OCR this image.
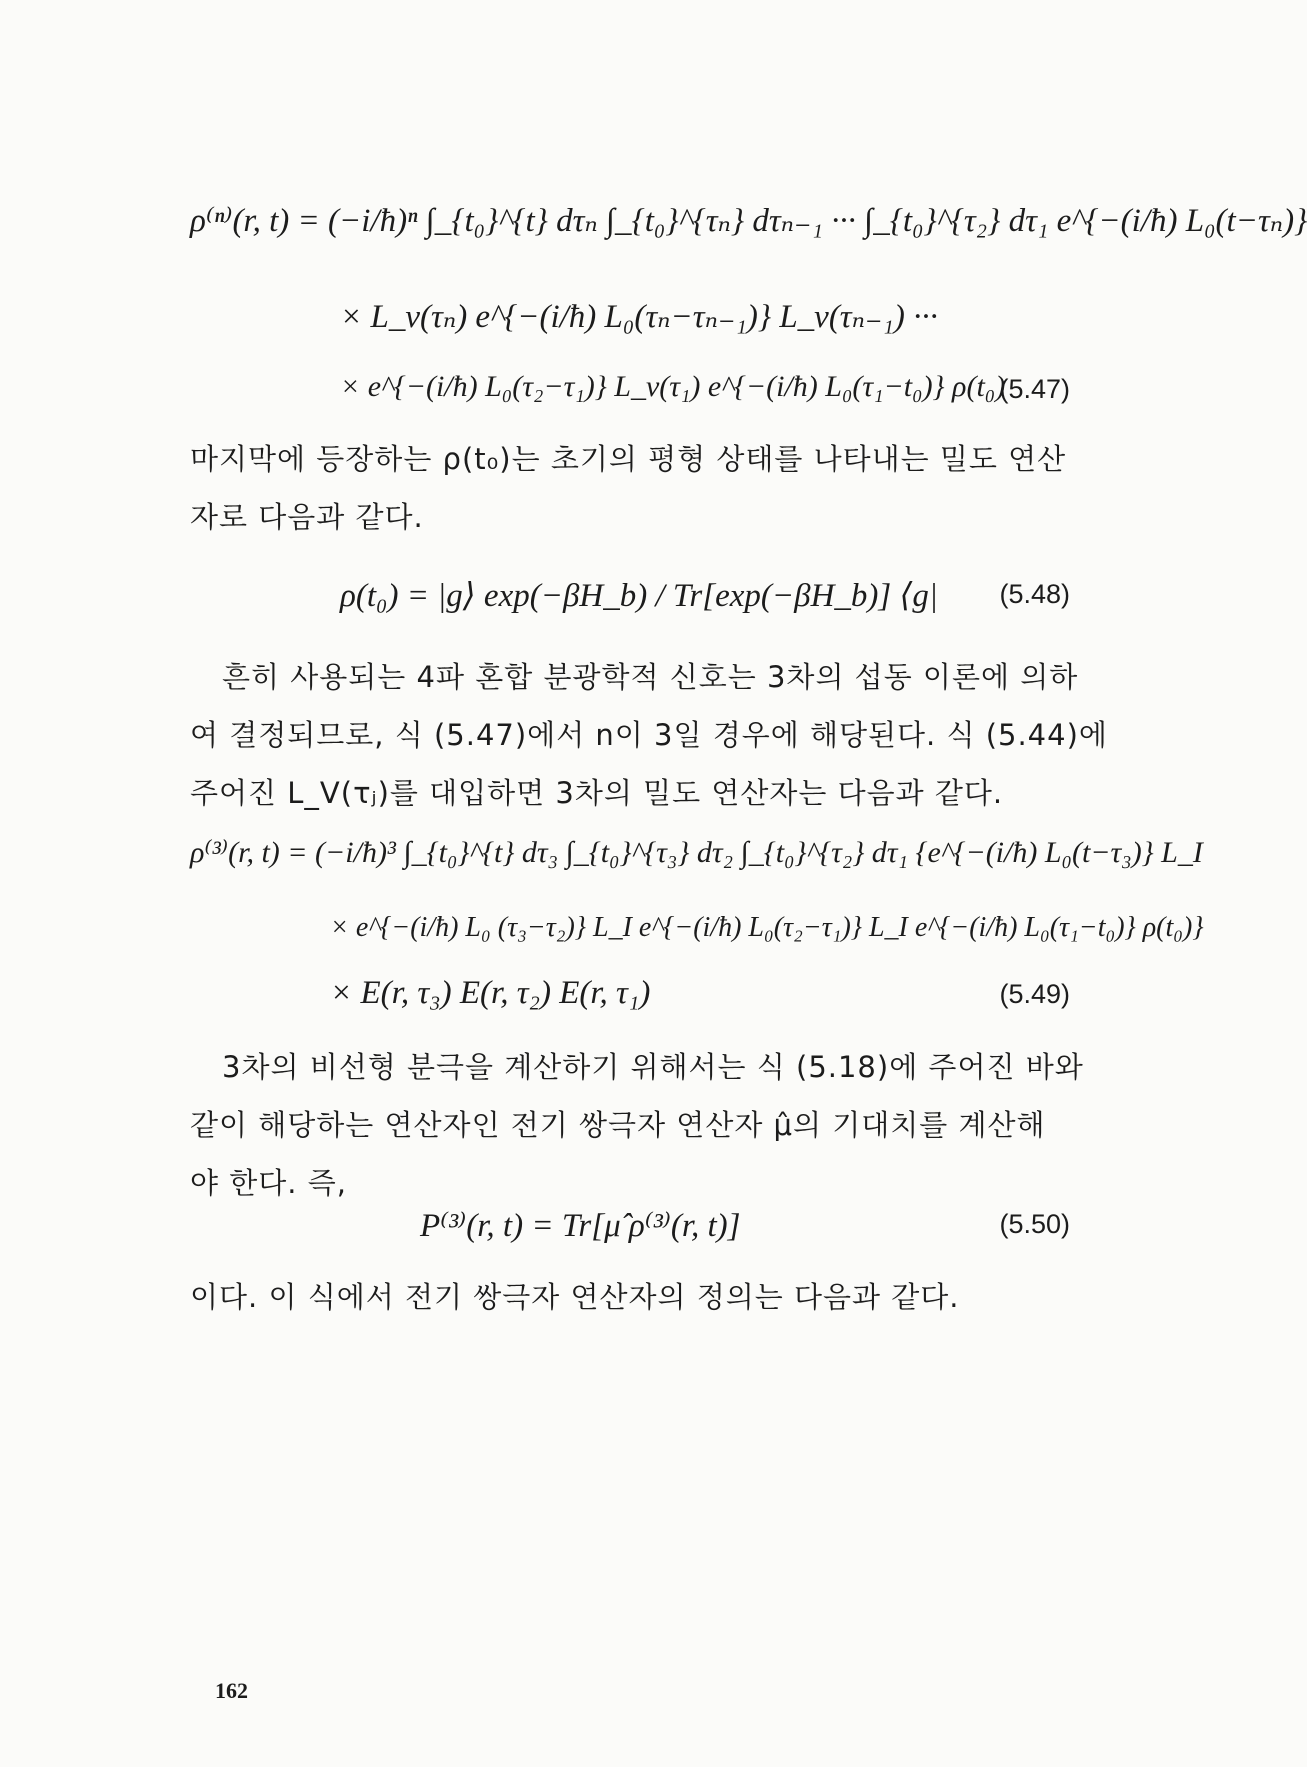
ρ⁽ⁿ⁾(r, t) = (−i/ħ)ⁿ ∫_{t₀}^{t} dτₙ ∫_{t₀}^{τₙ} dτₙ₋₁ ··· ∫_{t₀}^{τ₂} dτ₁ e^{−(i/ħ) L₀(t−τₙ)}
× L_v(τₙ) e^{−(i/ħ) L₀(τₙ−τₙ₋₁)} L_v(τₙ₋₁) ···
× e^{−(i/ħ) L₀(τ₂−τ₁)} L_v(τ₁) e^{−(i/ħ) L₀(τ₁−t₀)} ρ(t₀)
(5.47)

마지막에 등장하는 ρ(t₀)는 초기의 평형 상태를 나타내는 밀도 연산

자로 다음과 같다.

ρ(t₀) = |g⟩ exp(−βH_b) / Tr[exp(−βH_b)] ⟨g| (5.48)

흔히 사용되는 4파 혼합 분광학적 신호는 3차의 섭동 이론에 의하

여 결정되므로, 식 (5.47)에서 n이 3일 경우에 해당된다. 식 (5.44)에

주어진 L_V(τⱼ)를 대입하면 3차의 밀도 연산자는 다음과 같다.

ρ⁽³⁾(r, t) = (−i/ħ)³ ∫_{t₀}^{t} dτ₃ ∫_{t₀}^{τ₃} dτ₂ ∫_{t₀}^{τ₂} dτ₁ {e^{−(i/ħ) L₀(t−τ₃)} L_I
× e^{−(i/ħ) L₀ (τ₃−τ₂)} L_I e^{−(i/ħ) L₀(τ₂−τ₁)} L_I e^{−(i/ħ) L₀(τ₁−t₀)} ρ(t₀)}
× E(r, τ₃) E(r, τ₂) E(r, τ₁)	(5.49)

3차의 비선형 분극을 계산하기 위해서는 식 (5.18)에 주어진 바와

같이 해당하는 연산자인 전기 쌍극자 연산자 μ̂의 기대치를 계산해

야 한다. 즉,

P⁽³⁾(r, t) = Tr[μ̂ ρ⁽³⁾(r, t)]	(5.50)

이다. 이 식에서 전기 쌍극자 연산자의 정의는 다음과 같다.

162
